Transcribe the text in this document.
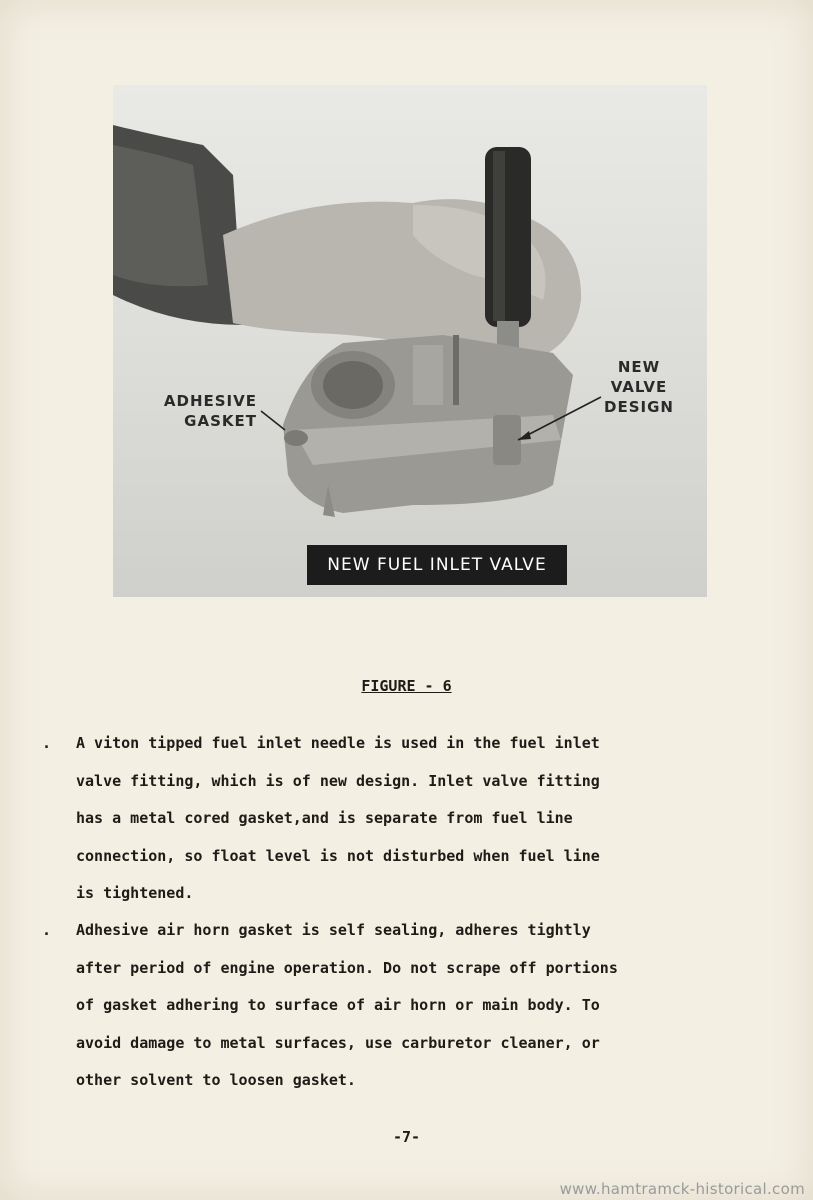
ADHESIVE
GASKET
NEW
VALVE
DESIGN
NEW FUEL INLET VALVE
FIGURE - 6
. A viton tipped fuel inlet needle is used in the fuel inlet
valve fitting, which is of new design. Inlet valve fitting
has a metal cored gasket,and is separate from fuel line
connection, so float level is not disturbed when fuel line
is tightened.
. Adhesive air horn gasket is self sealing, adheres tightly
after period of engine operation. Do not scrape off portions
of gasket adhering to surface of air horn or main body. To
avoid damage to metal surfaces, use carburetor cleaner, or
other solvent to loosen gasket.
-7-
www.hamtramck-historical.com
